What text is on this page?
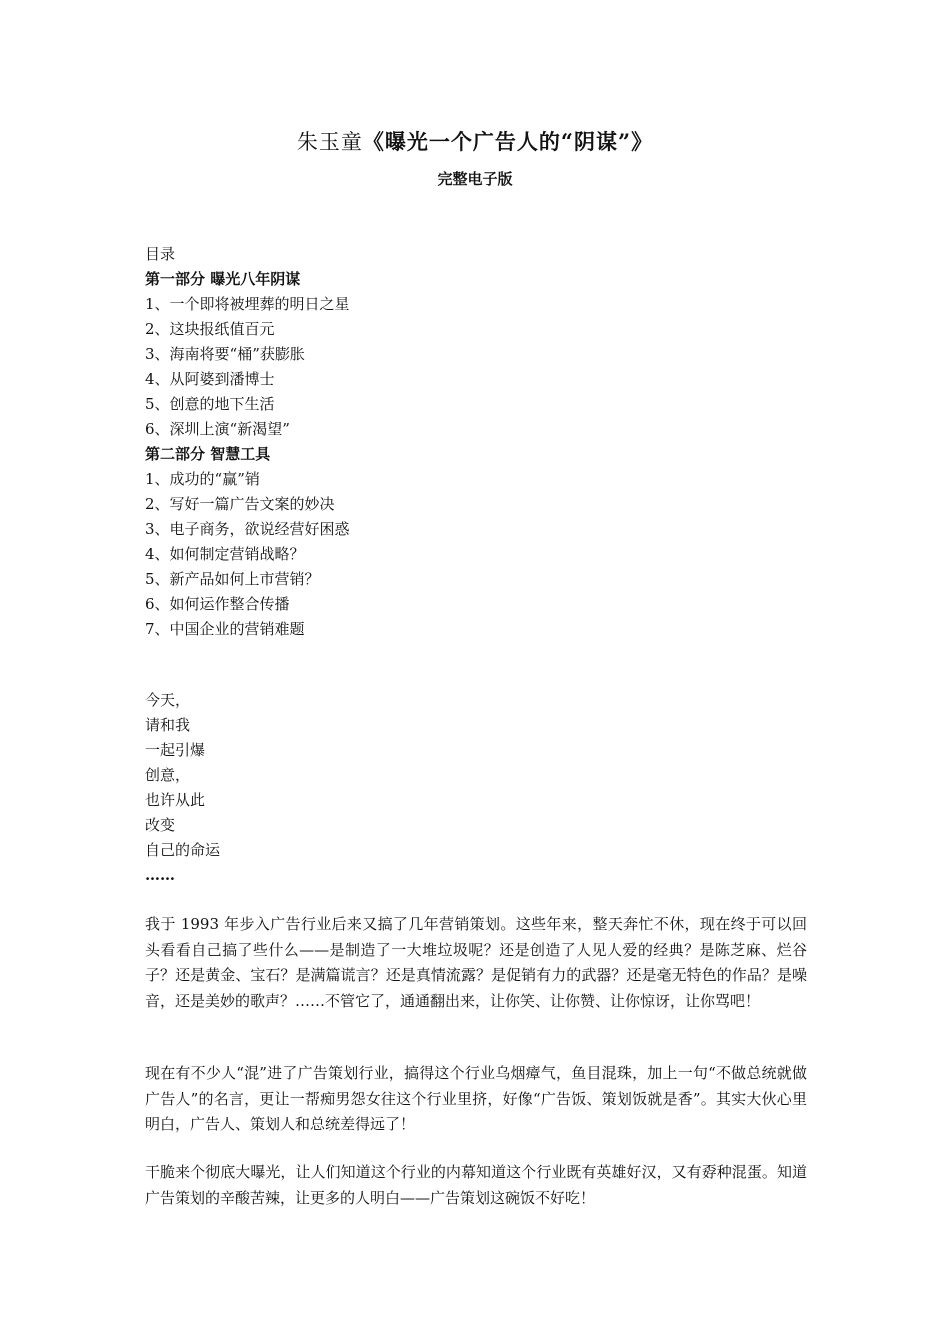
朱玉童《曝光一个广告人的“阴谋”》
完整电子版
目录
第一部分 曝光八年阴谋
1、一个即将被埋葬的明日之星
2、这块报纸值百元
3、海南将要“桶”获膨胀
4、从阿婆到潘博士
5、创意的地下生活
6、深圳上演“新渴望”
第二部分 智慧工具
1、成功的“赢”销
2、写好一篇广告文案的妙决
3、电子商务，欲说经营好困惑
4、如何制定营销战略？
5、新产品如何上市营销？
6、如何运作整合传播
7、中国企业的营销难题
今天，
请和我
一起引爆
创意，
也许从此
改变
自己的命运
……

我于 1993 年步入广告行业后来又搞了几年营销策划。这些年来，整天奔忙不休，现在终于可以回头看看自己搞了些什么——是制造了一大堆垃圾呢？还是创造了人见人爱的经典？是陈芝麻、烂谷子？还是黄金、宝石？是满篇谎言？还是真情流露？是促销有力的武器？还是毫无特色的作品？是噪音，还是美妙的歌声？……不管它了，通通翻出来，让你笑、让你赞、让你惊讶，让你骂吧！

现在有不少人“混”进了广告策划行业，搞得这个行业乌烟瘴气，鱼目混珠，加上一句“不做总统就做广告人”的名言，更让一帮痴男怨女往这个行业里挤，好像“广告饭、策划饭就是香”。其实大伙心里明白，广告人、策划人和总统差得远了！

干脆来个彻底大曝光，让人们知道这个行业的内幕知道这个行业既有英雄好汉，又有孬种混蛋。知道广告策划的辛酸苦辣，让更多的人明白——广告策划这碗饭不好吃！
